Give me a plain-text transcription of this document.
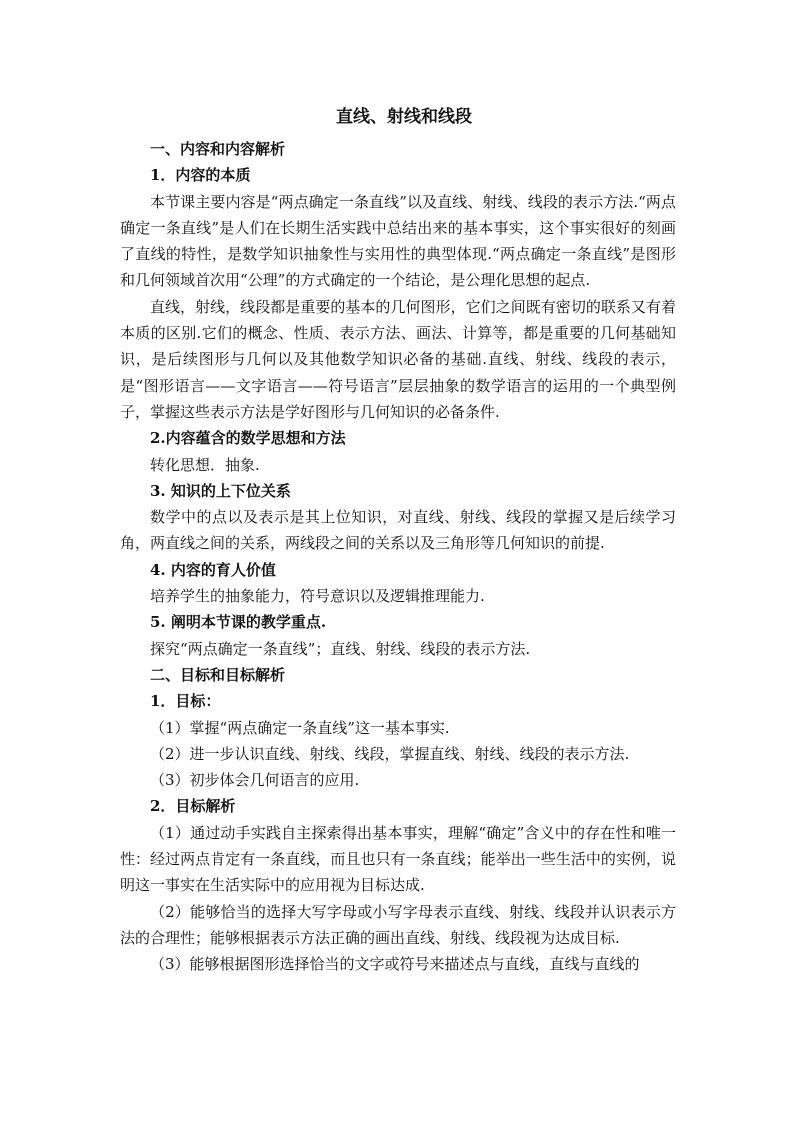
直线、射线和线段

一、内容和内容解析

1．内容的本质

本节课主要内容是“两点确定一条直线”以及直线、射线、线段的表示方法.“两点确定一条直线”是人们在长期生活实践中总结出来的基本事实，这个事实很好的刻画了直线的特性，是数学知识抽象性与实用性的典型体现.“两点确定一条直线”是图形和几何领域首次用“公理”的方式确定的一个结论，是公理化思想的起点.

直线，射线，线段都是重要的基本的几何图形，它们之间既有密切的联系又有着本质的区别.它们的概念、性质、表示方法、画法、计算等，都是重要的几何基础知识，是后续图形与几何以及其他数学知识必备的基础.直线、射线、线段的表示，是“图形语言——文字语言——符号语言”层层抽象的数学语言的运用的一个典型例子，掌握这些表示方法是学好图形与几何知识的必备条件.

2.内容蕴含的数学思想和方法

转化思想．抽象.

3. 知识的上下位关系

数学中的点以及表示是其上位知识，对直线、射线、线段的掌握又是后续学习角，两直线之间的关系，两线段之间的关系以及三角形等几何知识的前提.

4. 内容的育人价值

培养学生的抽象能力，符号意识以及逻辑推理能力.

5. 阐明本节课的教学重点.

探究“两点确定一条直线”；直线、射线、线段的表示方法.

二、目标和目标解析

1．目标：

（1）掌握“两点确定一条直线”这一基本事实.

（2）进一步认识直线、射线、线段，掌握直线、射线、线段的表示方法.

（3）初步体会几何语言的应用.

2．目标解析

（1）通过动手实践自主探索得出基本事实，理解“确定”含义中的存在性和唯一性：经过两点肯定有一条直线，而且也只有一条直线；能举出一些生活中的实例，说明这一事实在生活实际中的应用视为目标达成.

（2）能够恰当的选择大写字母或小写字母表示直线、射线、线段并认识表示方法的合理性；能够根据表示方法正确的画出直线、射线、线段视为达成目标.

（3）能够根据图形选择恰当的文字或符号来描述点与直线，直线与直线的
